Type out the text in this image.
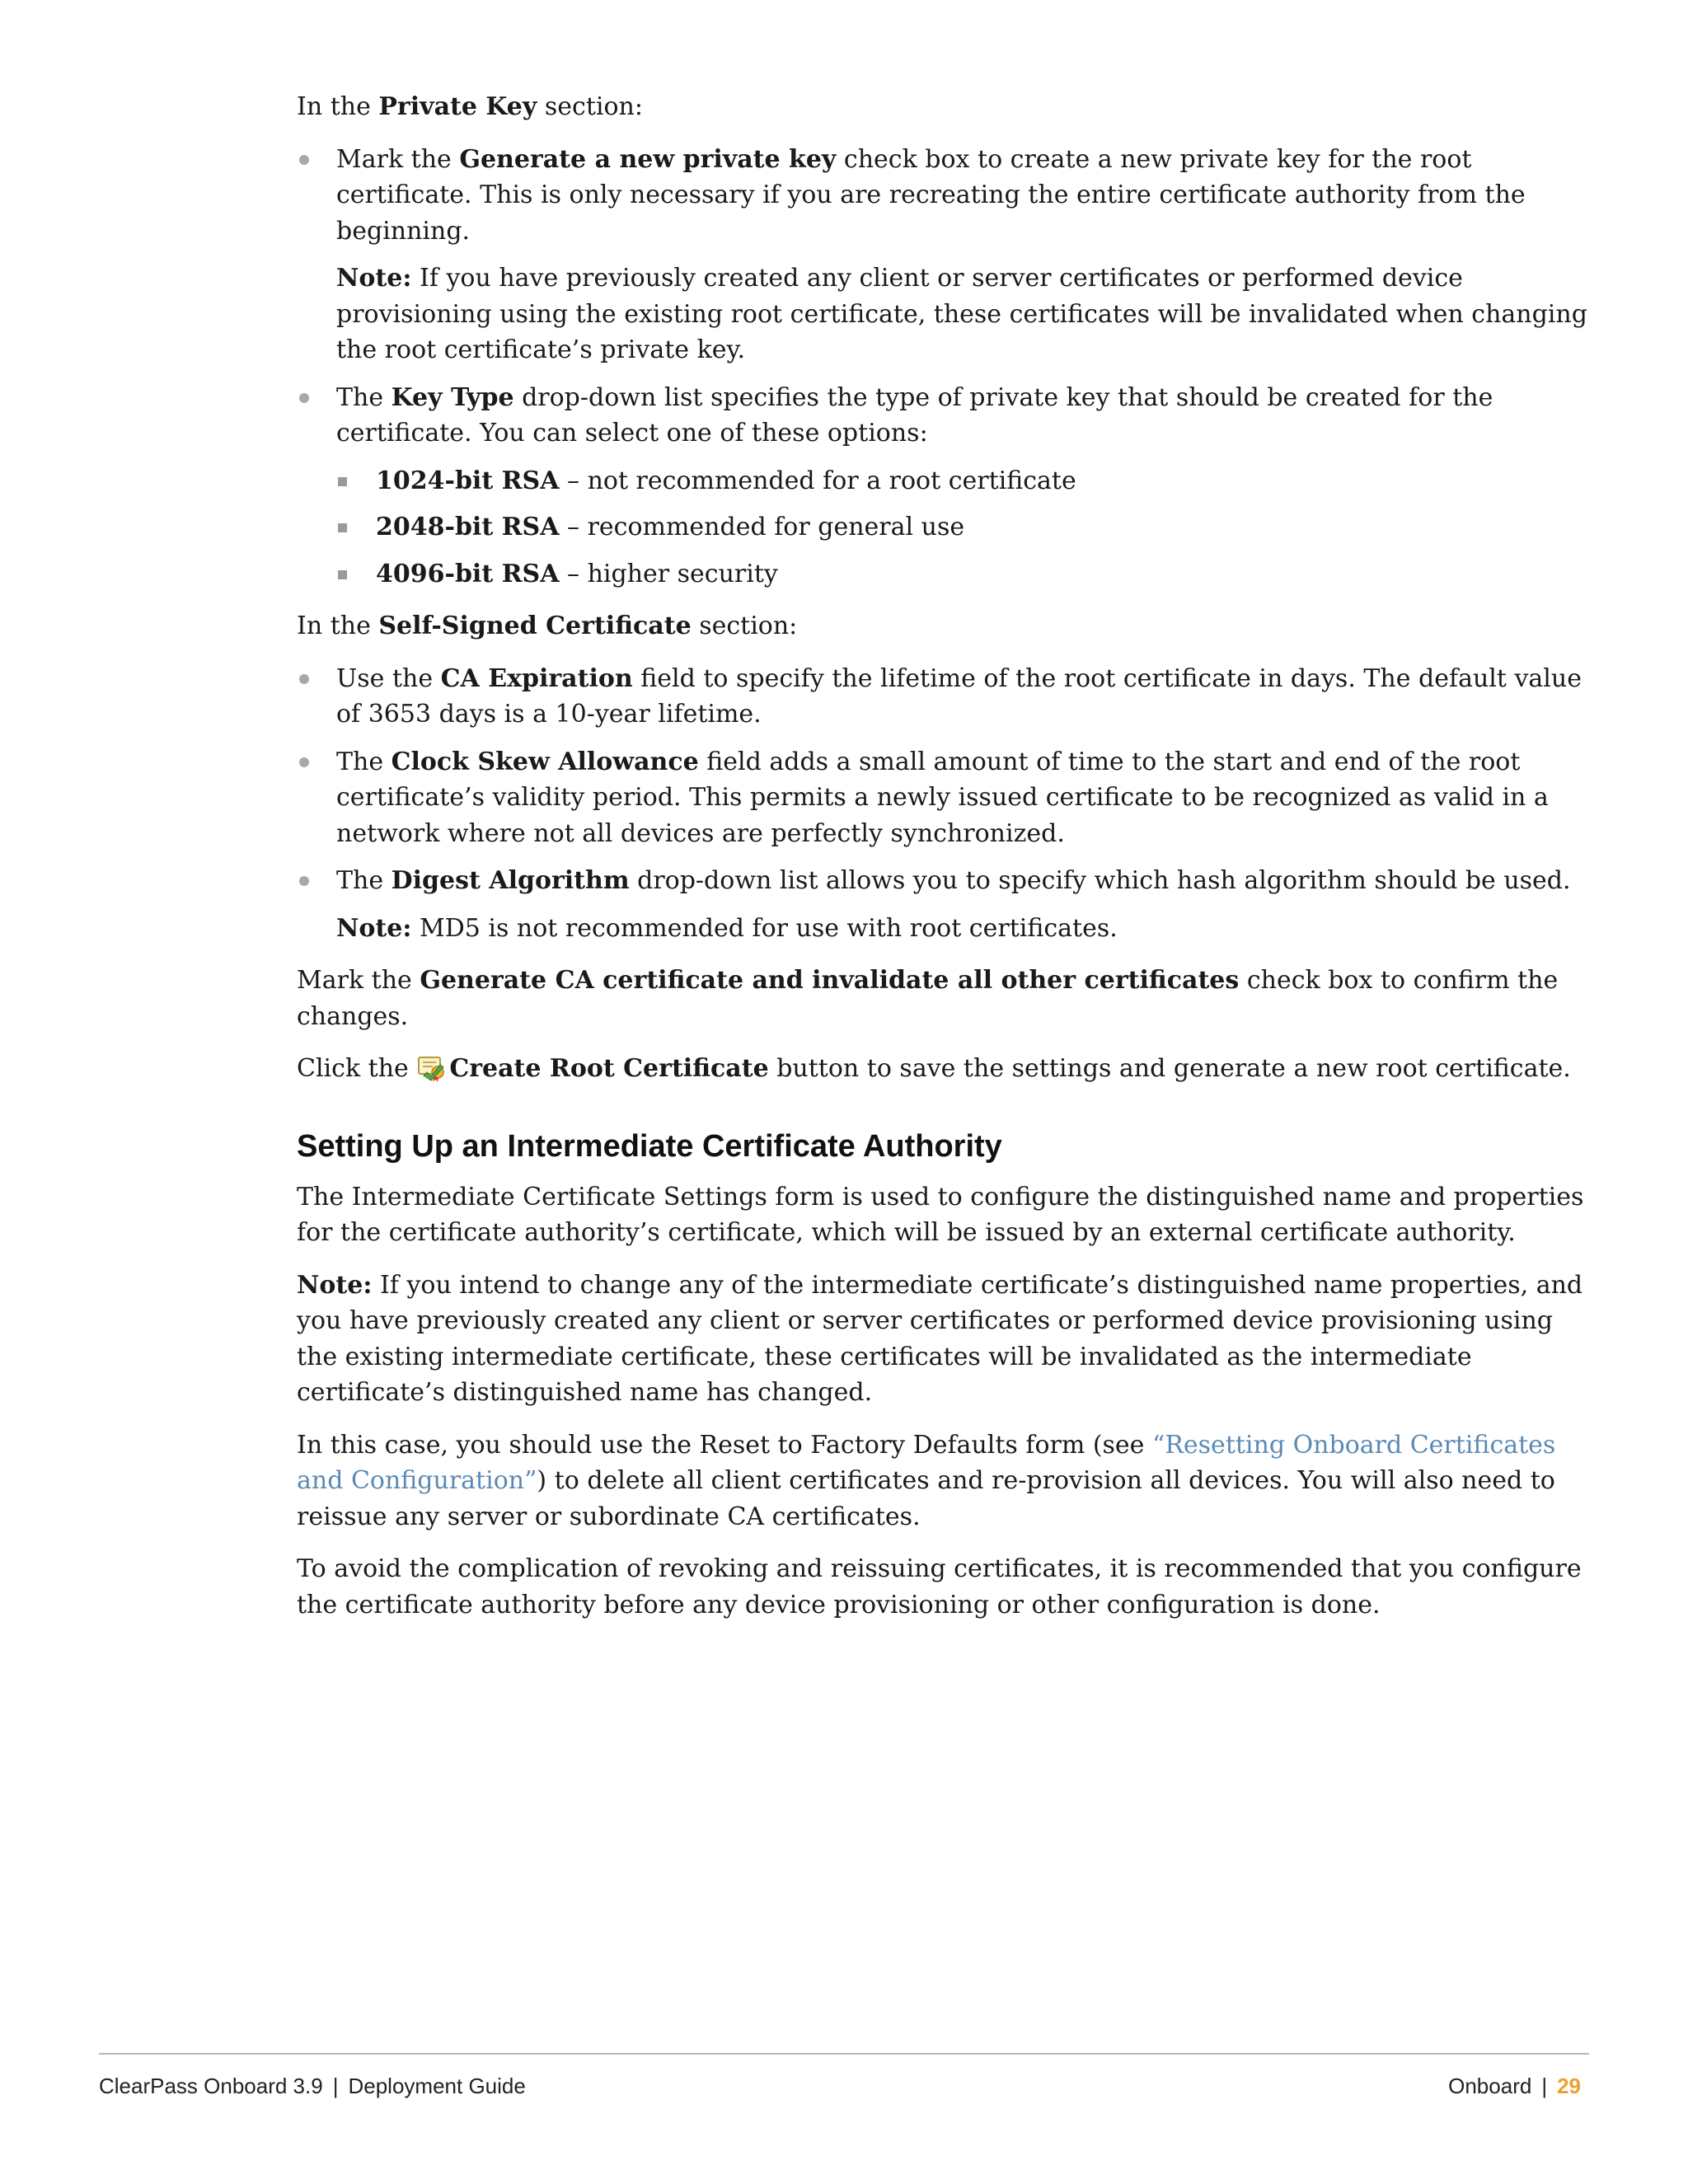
In the Private Key section:

Mark the Generate a new private key check box to create a new private key for the root certificate. This is only necessary if you are recreating the entire certificate authority from the beginning.
Note: If you have previously created any client or server certificates or performed device provisioning using the existing root certificate, these certificates will be invalidated when changing the root certificate’s private key.
The Key Type drop-down list specifies the type of private key that should be created for the certificate. You can select one of these options:
1024-bit RSA – not recommended for a root certificate
2048-bit RSA – recommended for general use
4096-bit RSA – higher security

In the Self-Signed Certificate section:

Use the CA Expiration field to specify the lifetime of the root certificate in days. The default value of 3653 days is a 10-year lifetime.
The Clock Skew Allowance field adds a small amount of time to the start and end of the root certificate’s validity period. This permits a newly issued certificate to be recognized as valid in a network where not all devices are perfectly synchronized.
The Digest Algorithm drop-down list allows you to specify which hash algorithm should be used.
Note: MD5 is not recommended for use with root certificates.

Mark the Generate CA certificate and invalidate all other certificates check box to confirm the changes.

Click the Create Root Certificate button to save the settings and generate a new root certificate.

Setting Up an Intermediate Certificate Authority

The Intermediate Certificate Settings form is used to configure the distinguished name and properties for the certificate authority’s certificate, which will be issued by an external certificate authority.

Note: If you intend to change any of the intermediate certificate’s distinguished name properties, and you have previously created any client or server certificates or performed device provisioning using the existing intermediate certificate, these certificates will be invalidated as the intermediate certificate’s distinguished name has changed.

In this case, you should use the Reset to Factory Defaults form (see “Resetting Onboard Certificates and Configuration”) to delete all client certificates and re-provision all devices. You will also need to reissue any server or subordinate CA certificates.

To avoid the complication of revoking and reissuing certificates, it is recommended that you configure the certificate authority before any device provisioning or other configuration is done.

ClearPass Onboard 3.9 | Deployment Guide	Onboard | 29
